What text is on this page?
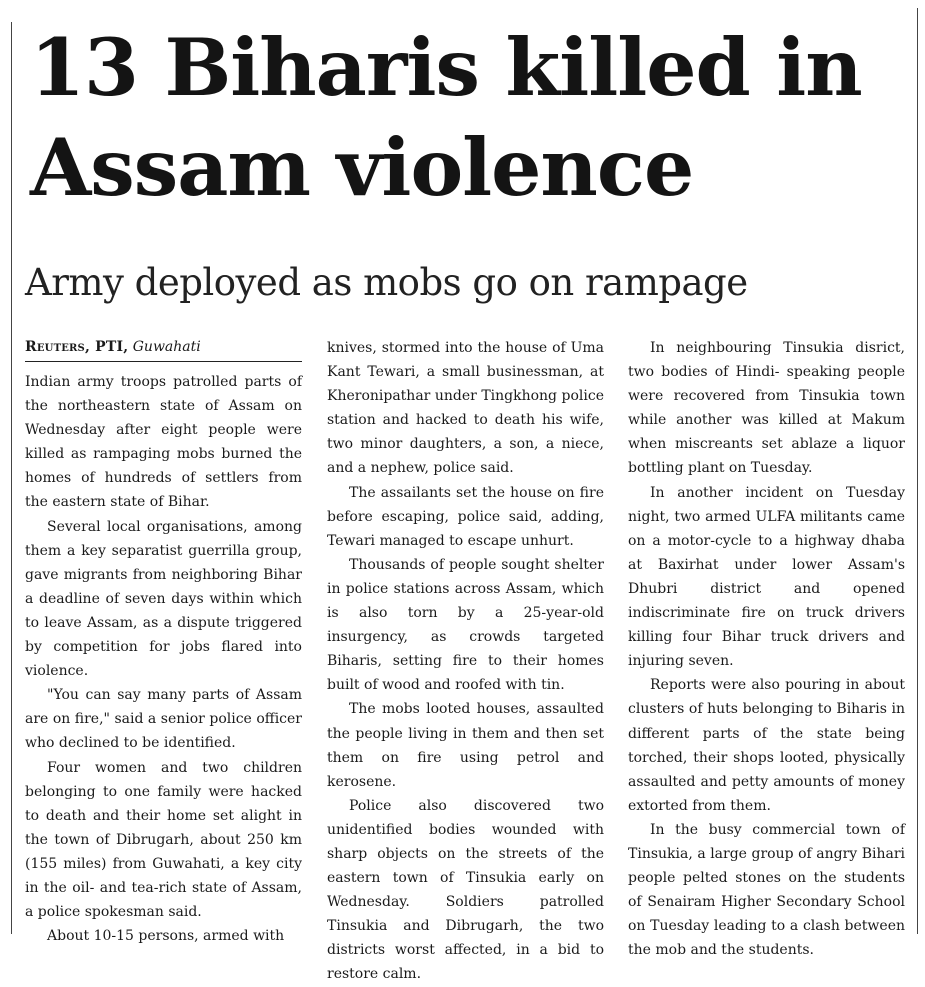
13 Biharis killed in
Assam violence
Army deployed as mobs go on rampage
Reuters, PTI, Guwahati

Indian army troops patrolled parts of the northeastern state of Assam on Wednesday after eight people were killed as rampaging mobs burned the homes of hundreds of settlers from the eastern state of Bihar.

Several local organisations, among them a key separatist guerrilla group, gave migrants from neighboring Bihar a deadline of seven days within which to leave Assam, as a dispute triggered by competition for jobs flared into violence.

"You can say many parts of Assam are on fire," said a senior police officer who declined to be identified.

Four women and two children belonging to one family were hacked to death and their home set alight in the town of Dibrugarh, about 250 km (155 miles) from Guwahati, a key city in the oil- and tea-rich state of Assam, a police spokesman said.

About 10-15 persons, armed with

knives, stormed into the house of Uma Kant Tewari, a small businessman, at Kheronipathar under Tingkhong police station and hacked to death his wife, two minor daughters, a son, a niece, and a nephew, police said.

The assailants set the house on fire before escaping, police said, adding, Tewari managed to escape unhurt.

Thousands of people sought shelter in police stations across Assam, which is also torn by a 25-year-old insurgency, as crowds targeted Biharis, setting fire to their homes built of wood and roofed with tin.

The mobs looted houses, assaulted the people living in them and then set them on fire using petrol and kerosene.

Police also discovered two unidentified bodies wounded with sharp objects on the streets of the eastern town of Tinsukia early on Wednesday. Soldiers patrolled Tinsukia and Dibrugarh, the two districts worst affected, in a bid to restore calm.

In neighbouring Tinsukia disrict, two bodies of Hindi- speaking people were recovered from Tinsukia town while another was killed at Makum when miscreants set ablaze a liquor bottling plant on Tuesday.

In another incident on Tuesday night, two armed ULFA militants came on a motor-cycle to a highway dhaba at Baxirhat under lower Assam's Dhubri district and opened indiscriminate fire on truck drivers killing four Bihar truck drivers and injuring seven.

Reports were also pouring in about clusters of huts belonging to Biharis in different parts of the state being torched, their shops looted, physically assaulted and petty amounts of money extorted from them.

In the busy commercial town of Tinsukia, a large group of angry Bihari people pelted stones on the students of Senairam Higher Secondary School on Tuesday leading to a clash between the mob and the students.
